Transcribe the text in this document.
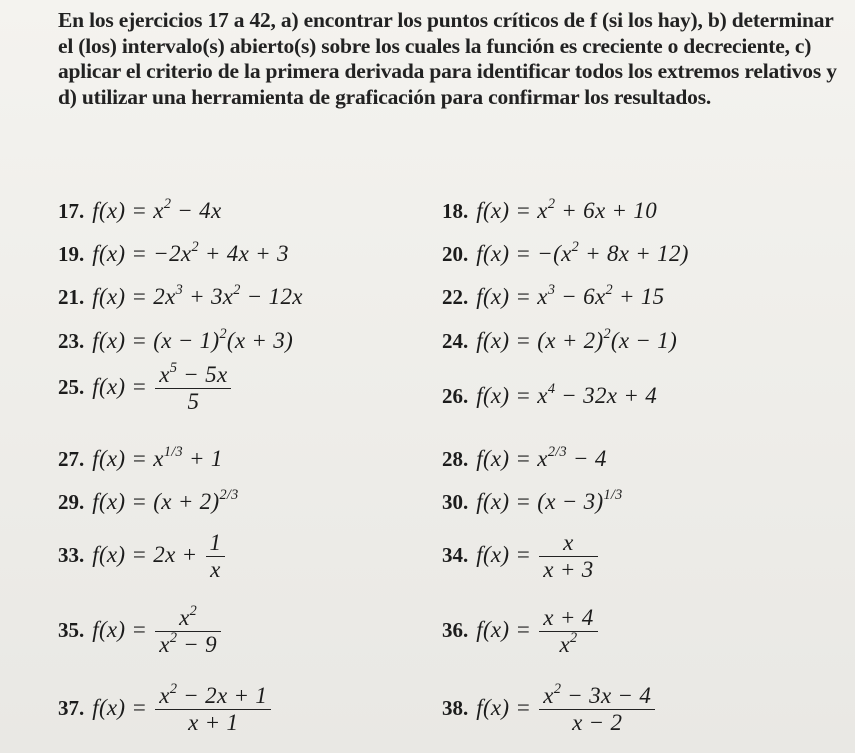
En los ejercicios 17 a 42, a) encontrar los puntos críticos de f (si los hay), b) determinar el (los) intervalo(s) abierto(s) sobre los cuales la función es creciente o decreciente, c) aplicar el criterio de la primera derivada para identificar todos los extremos relativos y d) utilizar una herramienta de graficación para confirmar los resultados.
17. $f(x) = x^2 - 4x$	18. $f(x) = x^2 + 6x + 10$
19. $f(x) = -2x^2 + 4x + 3$	20. $f(x) = -(x^2 + 8x + 12)$
21. $f(x) = 2x^3 + 3x^2 - 12x$	22. $f(x) = x^3 - 6x^2 + 15$
23. $f(x) = (x - 1)^2(x + 3)$	24. $f(x) = (x + 2)^2(x - 1)$
25. $f(x) = \frac{x^5 - 5x}{5}$	26. $f(x) = x^4 - 32x + 4$
27. $f(x) = x^{1/3} + 1$	28. $f(x) = x^{2/3} - 4$
29. $f(x) = (x + 2)^{2/3}$	30. $f(x) = (x - 3)^{1/3}$
33. $f(x) = 2x + \frac{1}{x}$	34. $f(x) = \frac{x}{x + 3}$
35. $f(x) = \frac{x^2}{x^2 - 9}$	36. $f(x) = \frac{x + 4}{x^2}$
37. $f(x) = \frac{x^2 - 2x + 1}{x + 1}$	38. $f(x) = \frac{x^2 - 3x - 4}{x - 2}$
